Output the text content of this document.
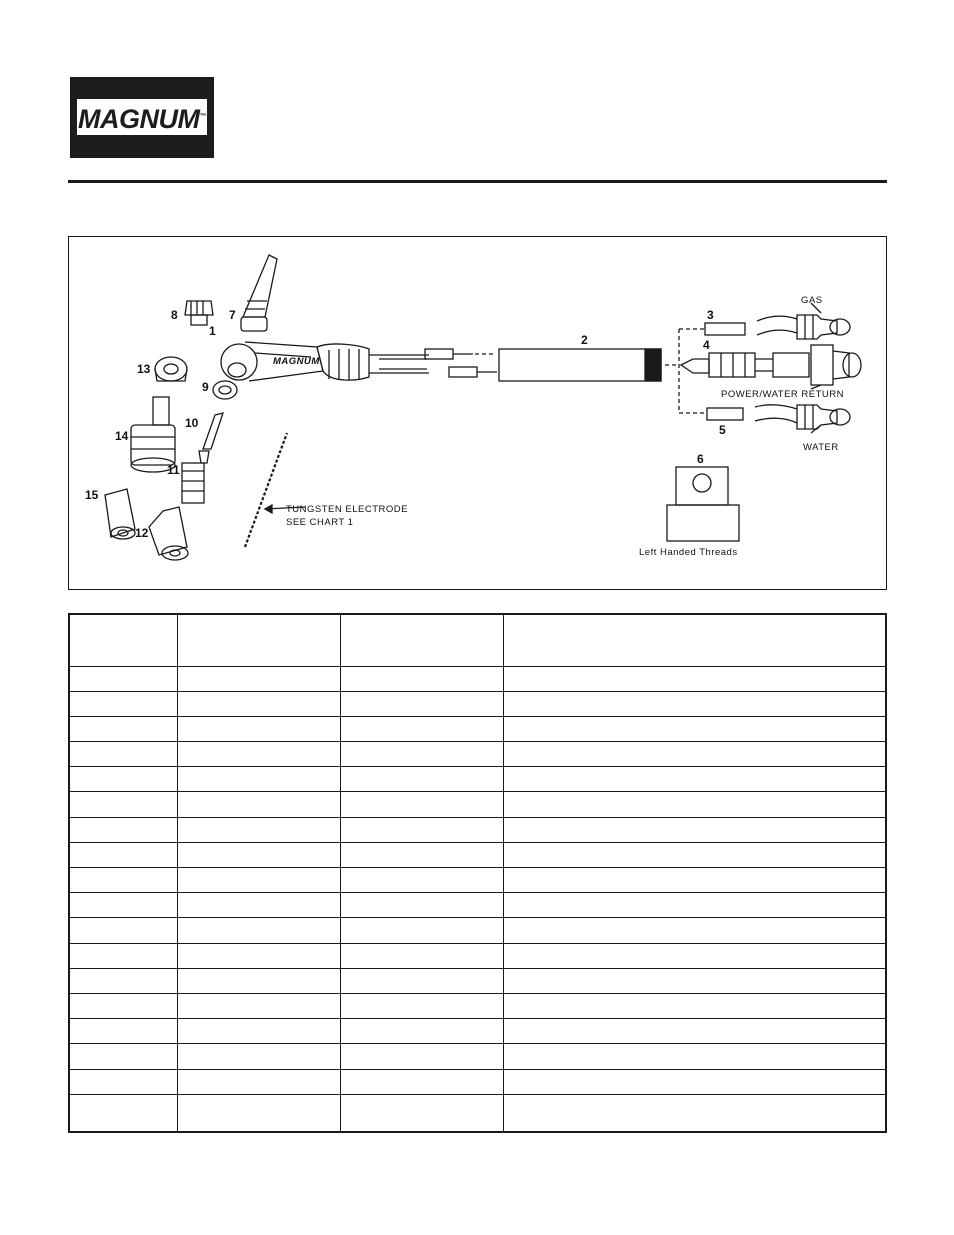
MAGNUM™
MAGNUM
1
2
3
4
5
6
7
8
9
10
11
12
13
14
15
GAS
POWER/WATER RETURN
WATER
TUNGSTEN ELECTRODE
SEE CHART 1
Left Handed Threads
